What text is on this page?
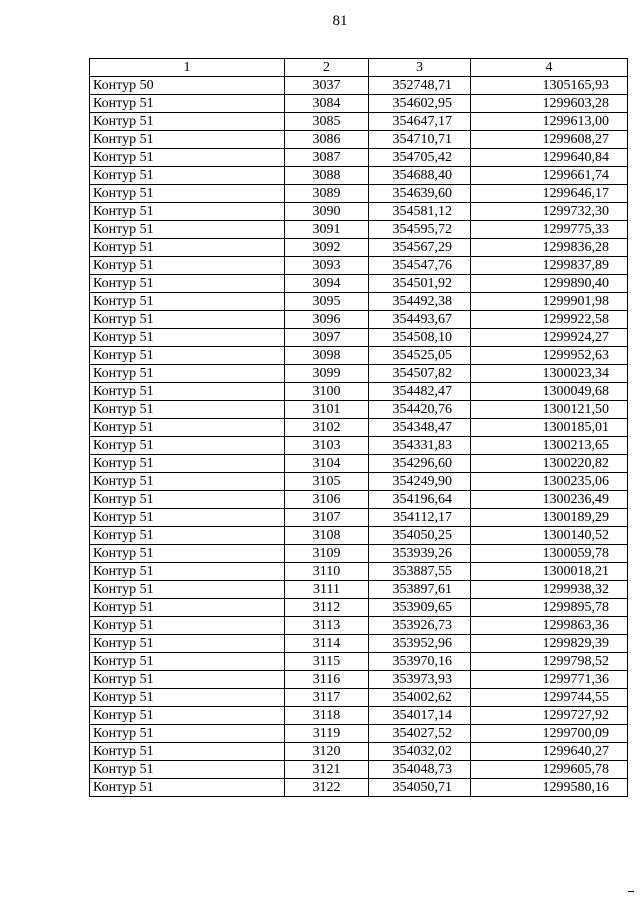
81
1	2	3	4
Контур 50	3037	352748,71	1305165,93
Контур 51	3084	354602,95	1299603,28
Контур 51	3085	354647,17	1299613,00
Контур 51	3086	354710,71	1299608,27
Контур 51	3087	354705,42	1299640,84
Контур 51	3088	354688,40	1299661,74
Контур 51	3089	354639,60	1299646,17
Контур 51	3090	354581,12	1299732,30
Контур 51	3091	354595,72	1299775,33
Контур 51	3092	354567,29	1299836,28
Контур 51	3093	354547,76	1299837,89
Контур 51	3094	354501,92	1299890,40
Контур 51	3095	354492,38	1299901,98
Контур 51	3096	354493,67	1299922,58
Контур 51	3097	354508,10	1299924,27
Контур 51	3098	354525,05	1299952,63
Контур 51	3099	354507,82	1300023,34
Контур 51	3100	354482,47	1300049,68
Контур 51	3101	354420,76	1300121,50
Контур 51	3102	354348,47	1300185,01
Контур 51	3103	354331,83	1300213,65
Контур 51	3104	354296,60	1300220,82
Контур 51	3105	354249,90	1300235,06
Контур 51	3106	354196,64	1300236,49
Контур 51	3107	354112,17	1300189,29
Контур 51	3108	354050,25	1300140,52
Контур 51	3109	353939,26	1300059,78
Контур 51	3110	353887,55	1300018,21
Контур 51	3111	353897,61	1299938,32
Контур 51	3112	353909,65	1299895,78
Контур 51	3113	353926,73	1299863,36
Контур 51	3114	353952,96	1299829,39
Контур 51	3115	353970,16	1299798,52
Контур 51	3116	353973,93	1299771,36
Контур 51	3117	354002,62	1299744,55
Контур 51	3118	354017,14	1299727,92
Контур 51	3119	354027,52	1299700,09
Контур 51	3120	354032,02	1299640,27
Контур 51	3121	354048,73	1299605,78
Контур 51	3122	354050,71	1299580,16
